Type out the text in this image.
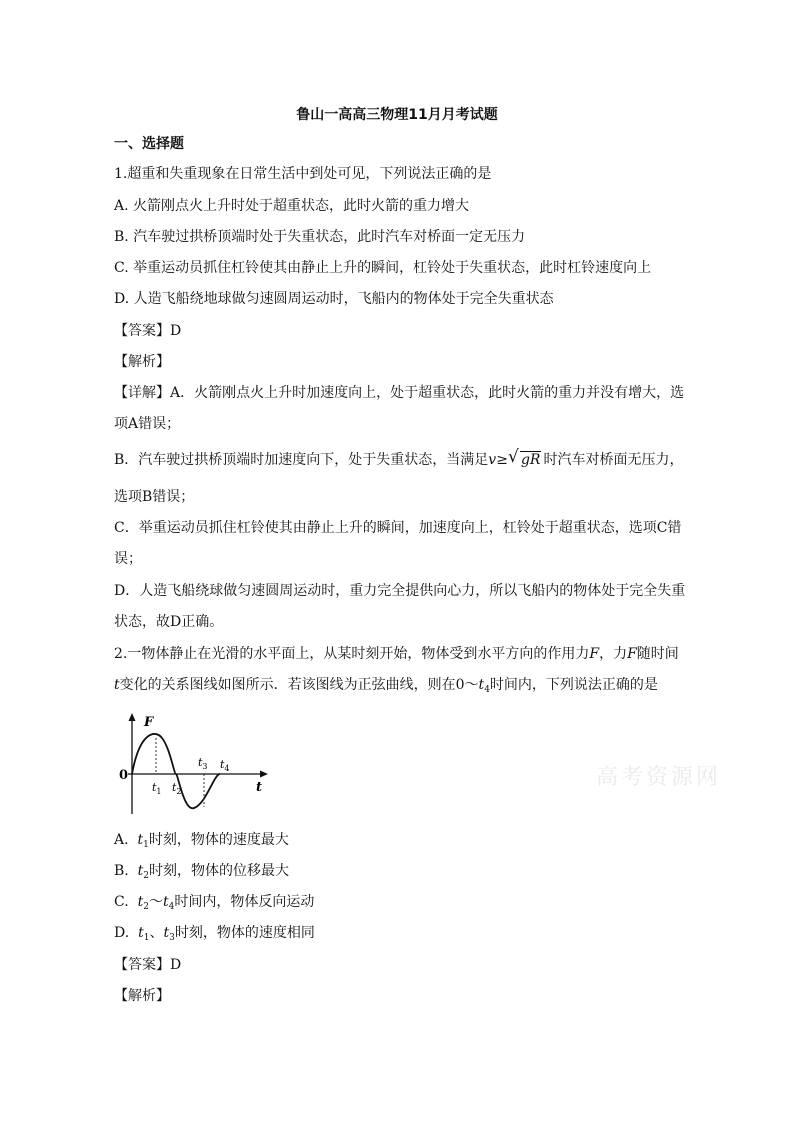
鲁山一高高三物理11月月考试题
一、选择题
1.超重和失重现象在日常生活中到处可见，下列说法正确的是
A. 火箭刚点火上升时处于超重状态，此时火箭的重力增大
B. 汽车驶过拱桥顶端时处于失重状态，此时汽车对桥面一定无压力
C. 举重运动员抓住杠铃使其由静止上升的瞬间，杠铃处于失重状态，此时杠铃速度向上
D. 人造飞船绕地球做匀速圆周运动时，飞船内的物体处于完全失重状态
【答案】D
【解析】
【详解】A．火箭刚点火上升时加速度向上，处于超重状态，此时火箭的重力并没有增大，选
项A错误；
B．汽车驶过拱桥顶端时加速度向下，处于失重状态，当满足v≥ √ gR 时汽车对桥面无压力，
选项B错误；
C．举重运动员抓住杠铃使其由静止上升的瞬间，加速度向上，杠铃处于超重状态，选项C错
误；
D．人造飞船绕球做匀速圆周运动时，重力完全提供向心力，所以飞船内的物体处于完全失重
状态，故D正确。
2.一物体静止在光滑的水平面上，从某时刻开始，物体受到水平方向的作用力F，力F随时间
t变化的关系图线如图所示．若该图线为正弦曲线，则在$0\sim t_4$时间内，下列说法正确的是
F
0
t
$t_1$ $t_2$
$t_3$ $t_4$	高考资源网
A. $t_1$时刻，物体的速度最大
B. $t_2$时刻，物体的位移最大
C. $t_2\sim t_4$时间内，物体反向运动
D. $t_1$、$t_3$时刻，物体的速度相同
【答案】D
【解析】
